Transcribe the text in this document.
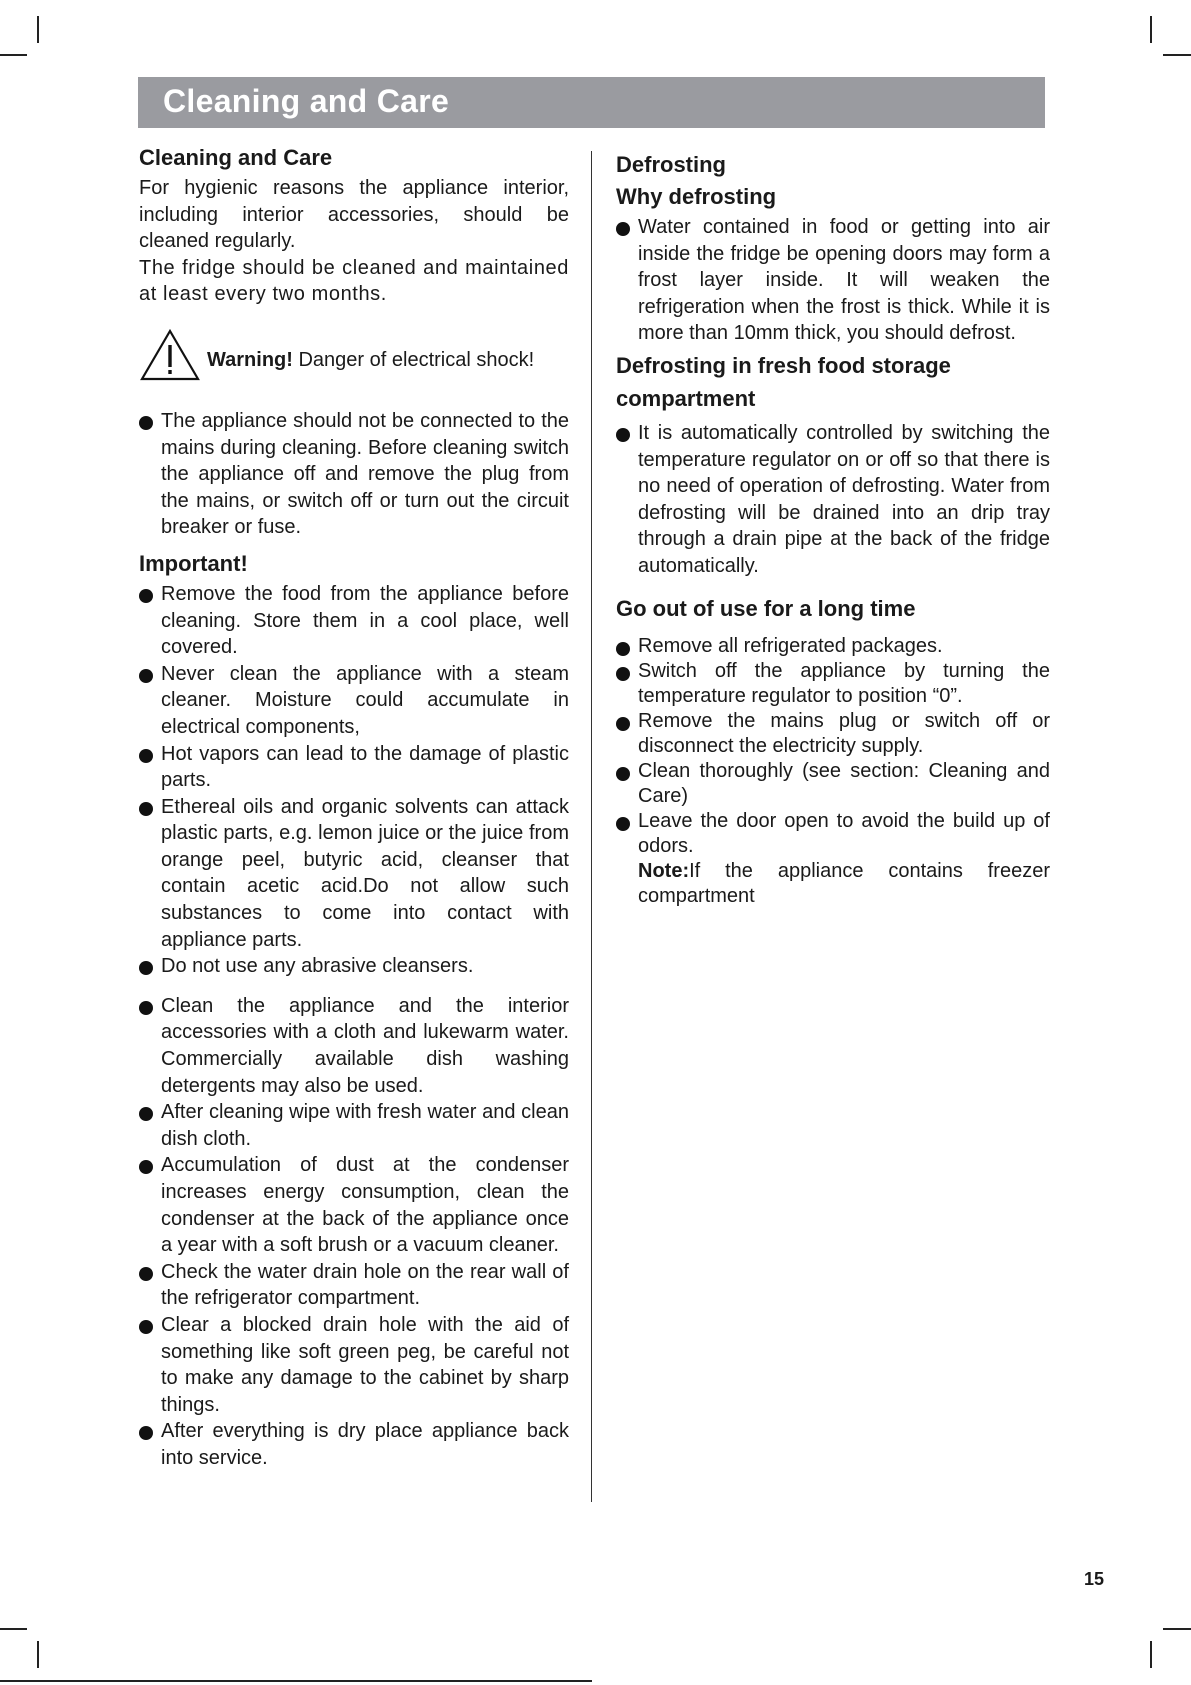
Cleaning and Care
Cleaning and Care

For hygienic reasons the appliance interior, including interior accessories, should be cleaned regularly.

The fridge should be cleaned and maintained at least every two months.

Warning! Danger of electrical shock!
The appliance should not be connected to the mains during cleaning. Before cleaning switch the appliance off and remove the plug from the mains, or switch off or turn out the circuit breaker or fuse.
Important!
Remove the food from the appliance before cleaning. Store them in a cool place, well covered.
Never clean the appliance with a steam cleaner. Moisture could accumulate in electrical components,
Hot vapors can lead to the damage of plastic parts.
Ethereal oils and organic solvents can attack plastic parts, e.g. lemon juice or the juice from orange peel, butyric acid, cleanser that contain acetic acid.Do not allow such substances to come into contact with appliance parts.
Do not use any abrasive cleansers.
Clean the appliance and the interior accessories with a cloth and lukewarm water. Commercially available dish washing detergents may also be used.
After cleaning wipe with fresh water and clean dish cloth.
Accumulation of dust at the condenser increases energy consumption, clean the condenser at the back of the appliance once a year with a soft brush or a vacuum cleaner.
Check the water drain hole on the rear wall of the refrigerator compartment.
Clear a blocked drain hole with the aid of something like soft green peg, be careful not to make any damage to the cabinet by sharp things.
After everything is dry place appliance back into service.
Defrosting
Why defrosting
Water contained in food or getting into air inside the fridge be opening doors may form a frost layer inside. It will weaken the refrigeration when the frost is thick. While it is more than 10mm thick, you should defrost.
Defrosting in fresh food storage compartment
It is automatically controlled by switching the temperature regulator on or off so that there is no need of operation of defrosting. Water from defrosting will be drained into an drip tray through a drain pipe at the back of the fridge automatically.
Go out of use for a long time
Remove all refrigerated packages.
Switch off the appliance by turning the temperature regulator to position “0”.
Remove the mains plug or switch off or disconnect the electricity supply.
Clean thoroughly (see section: Cleaning and Care)
Leave the door open to avoid the build up of odors.

Note:If the appliance contains freezer compartment

15
